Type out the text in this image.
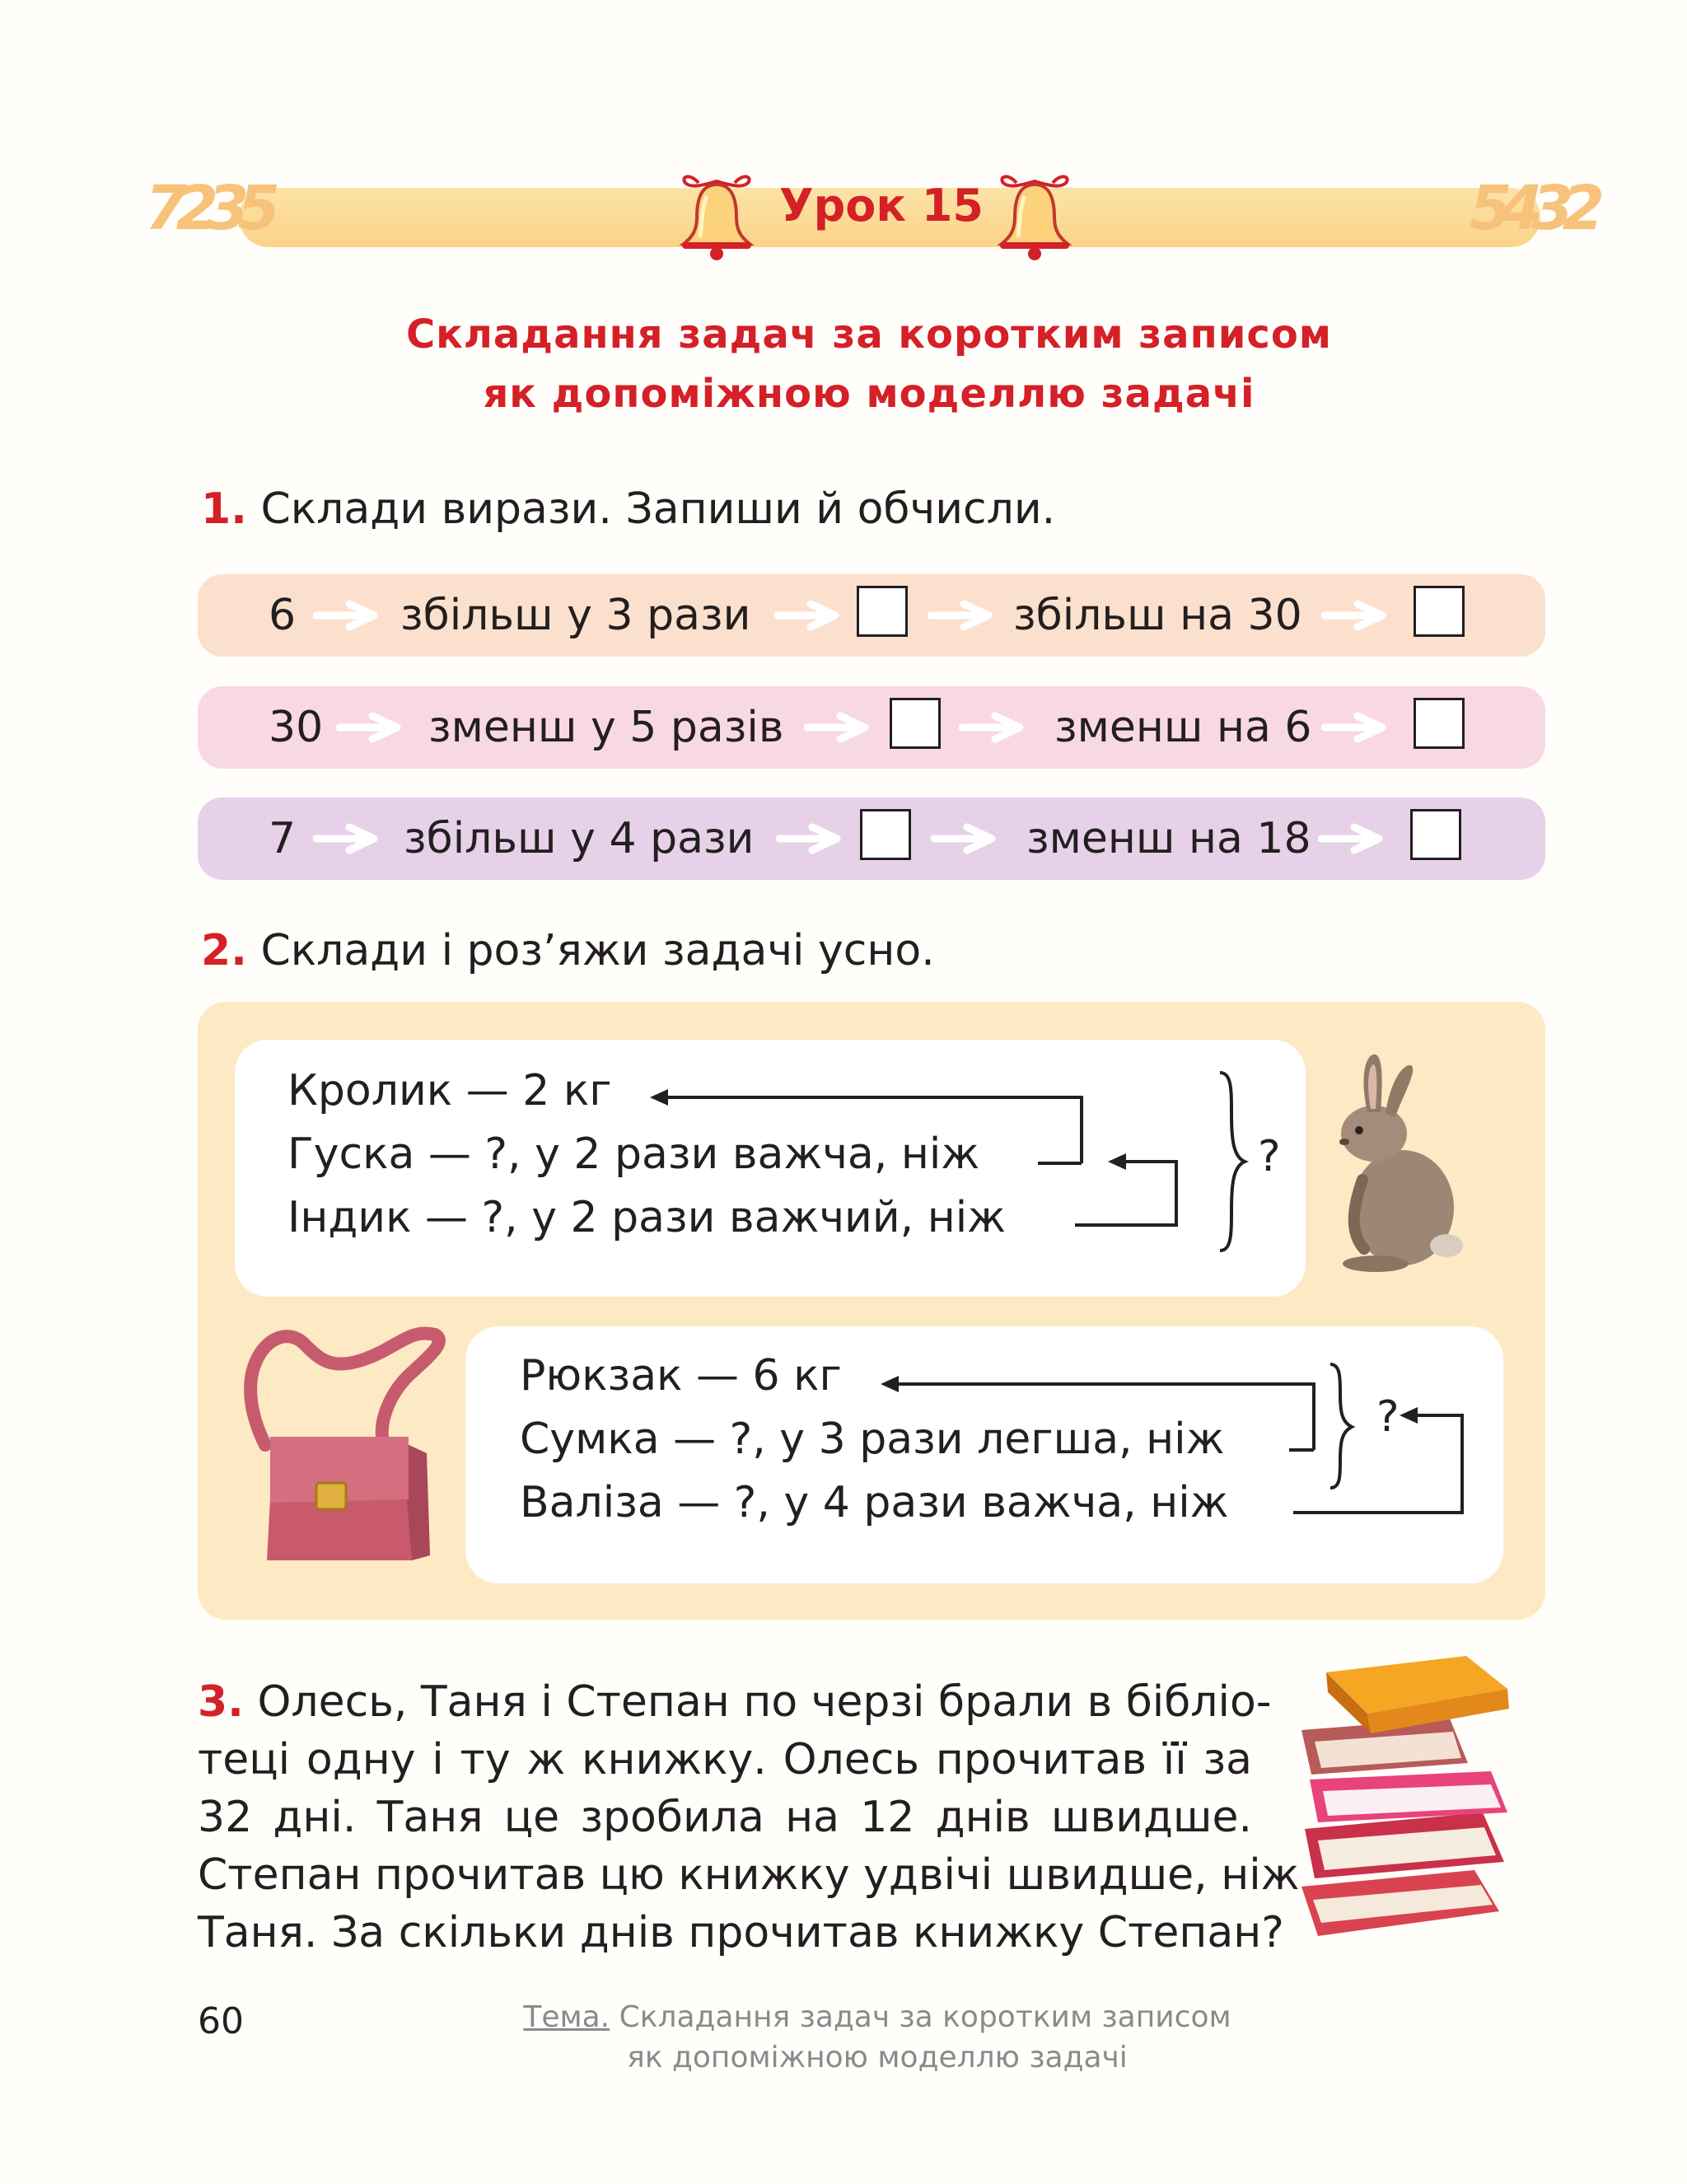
7235	5432
Урок 15
Складання задач за коротким записом
як допоміжною моделлю задачі
1. Склади вирази. Запиши й обчисли.
6 збільш у 3 рази	збільш на 30
30 зменш у 5 разів	зменш на 6
7	збільш у 4 рази	зменш на 18
2. Склади і розʼяжи задачі усно.
Кролик — 2 кг
Гуска — ?, у 2 рази важча, ніж
Індик — ?, у 2 рази важчий, ніж
?
Рюкзак — 6 кг
Сумка — ?, у 3 рази легша, ніж
Валіза — ?, у 4 рази важча, ніж
?
3. Олесь, Таня і Степан по черзі брали в бібліо-
теці одну і ту ж книжку. Олесь прочитав її за
32 дні. Таня це зробила на 12 днів швидше.
Степан прочитав цю книжку удвічі швидше, ніж
Таня. За скільки днів прочитав книжку Степан?
60	Тема. Складання задач за коротким записом
як допоміжною моделлю задачі
